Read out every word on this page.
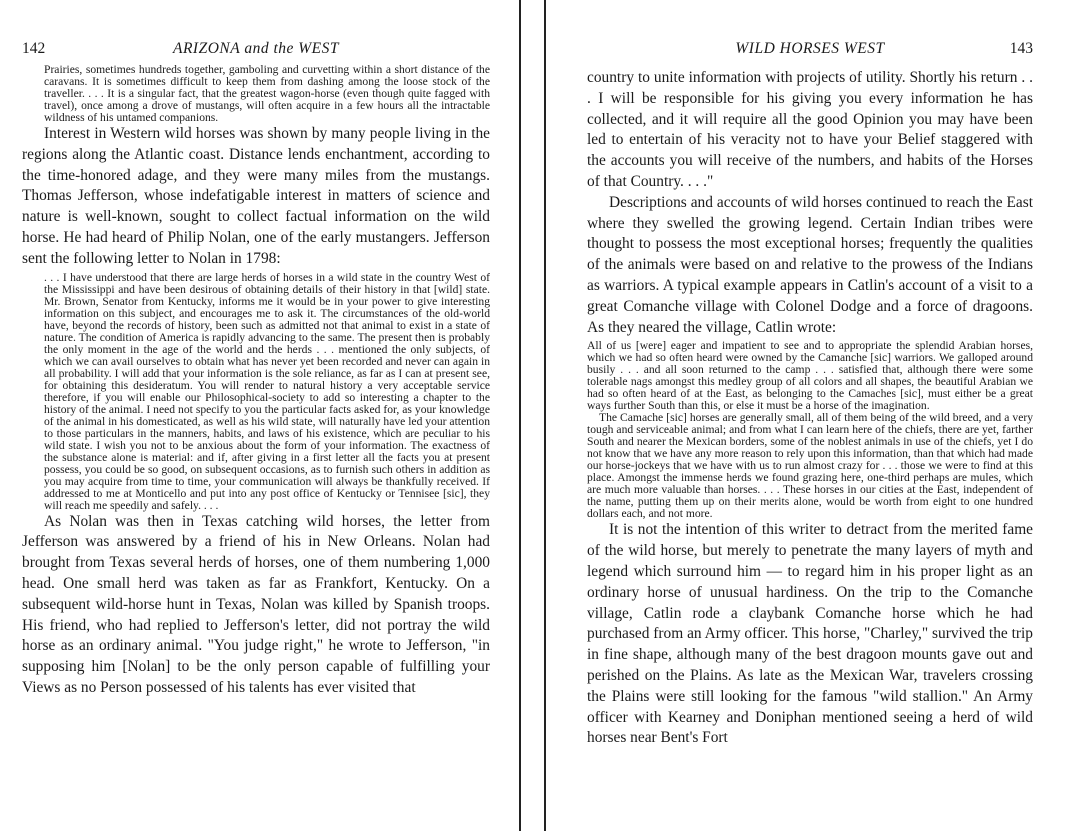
142	ARIZONA and the WEST

Prairies, sometimes hundreds together, gamboling and curvetting within a short distance of the caravans. It is sometimes difficult to keep them from dashing among the loose stock of the traveller. . . . It is a singular fact, that the greatest wagon-horse (even though quite fagged with travel), once among a drove of mustangs, will often acquire in a few hours all the intractable wildness of his untamed companions.

Interest in Western wild horses was shown by many people living in the regions along the Atlantic coast. Distance lends enchantment, according to the time-honored adage, and they were many miles from the mustangs. Thomas Jefferson, whose indefatigable interest in matters of science and nature is well-known, sought to collect factual information on the wild horse. He had heard of Philip Nolan, one of the early mustangers. Jefferson sent the following letter to Nolan in 1798:

. . . I have understood that there are large herds of horses in a wild state in the country West of the Mississippi and have been desirous of obtaining details of their history in that [wild] state. Mr. Brown, Senator from Kentucky, informs me it would be in your power to give interesting information on this subject, and encourages me to ask it. The circumstances of the old-world have, beyond the records of history, been such as admitted not that animal to exist in a state of nature. The condition of America is rapidly advancing to the same. The present then is probably the only moment in the age of the world and the herds . . . mentioned the only subjects, of which we can avail ourselves to obtain what has never yet been recorded and never can again in all probability. I will add that your information is the sole reliance, as far as I can at present see, for obtaining this desideratum. You will render to natural history a very acceptable service therefore, if you will enable our Philosophical-society to add so interesting a chapter to the history of the animal. I need not specify to you the particular facts asked for, as your knowledge of the animal in his domesticated, as well as his wild state, will naturally have led your attention to those particulars in the manners, habits, and laws of his existence, which are peculiar to his wild state. I wish you not to be anxious about the form of your information. The exactness of the substance alone is material: and if, after giving in a first letter all the facts you at present possess, you could be so good, on subsequent occasions, as to furnish such others in addition as you may acquire from time to time, your communication will always be thankfully received. If addressed to me at Monticello and put into any post office of Kentucky or Tennisee [sic], they will reach me speedily and safely. . . .

As Nolan was then in Texas catching wild horses, the letter from Jefferson was answered by a friend of his in New Orleans. Nolan had brought from Texas several herds of horses, one of them numbering 1,000 head. One small herd was taken as far as Frankfort, Kentucky. On a subsequent wild-horse hunt in Texas, Nolan was killed by Spanish troops. His friend, who had replied to Jefferson's letter, did not portray the wild horse as an ordinary animal. "You judge right," he wrote to Jefferson, "in supposing him [Nolan] to be the only person capable of fulfilling your Views as no Person possessed of his talents has ever visited that

WILD HORSES WEST	143

country to unite information with projects of utility. Shortly his return . . . I will be responsible for his giving you every information he has collected, and it will require all the good Opinion you may have been led to entertain of his veracity not to have your Belief staggered with the accounts you will receive of the numbers, and habits of the Horses of that Country. . . ."

Descriptions and accounts of wild horses continued to reach the East where they swelled the growing legend. Certain Indian tribes were thought to possess the most exceptional horses; frequently the qualities of the animals were based on and relative to the prowess of the Indians as warriors. A typical example appears in Catlin's account of a visit to a great Comanche village with Colonel Dodge and a force of dragoons. As they neared the village, Catlin wrote:

All of us [were] eager and impatient to see and to appropriate the splendid Arabian horses, which we had so often heard were owned by the Camanche [sic] warriors. We galloped around busily . . . and all soon returned to the camp . . . satisfied that, although there were some tolerable nags amongst this medley group of all colors and all shapes, the beautiful Arabian we had so often heard of at the East, as belonging to the Camaches [sic], must either be a great ways further South than this, or else it must be a horse of the imagination.

The Camache [sic] horses are generally small, all of them being of the wild breed, and a very tough and serviceable animal; and from what I can learn here of the chiefs, there are yet, farther South and nearer the Mexican borders, some of the noblest animals in use of the chiefs, yet I do not know that we have any more reason to rely upon this information, than that which had made our horse-jockeys that we have with us to run almost crazy for . . . those we were to find at this place. Amongst the immense herds we found grazing here, one-third perhaps are mules, which are much more valuable than horses. . . . These horses in our cities at the East, independent of the name, putting them up on their merits alone, would be worth from eight to one hundred dollars each, and not more.

It is not the intention of this writer to detract from the merited fame of the wild horse, but merely to penetrate the many layers of myth and legend which surround him — to regard him in his proper light as an ordinary horse of unusual hardiness. On the trip to the Comanche village, Catlin rode a claybank Comanche horse which he had purchased from an Army officer. This horse, "Charley," survived the trip in fine shape, although many of the best dragoon mounts gave out and perished on the Plains. As late as the Mexican War, travelers crossing the Plains were still looking for the famous "wild stallion." An Army officer with Kearney and Doniphan mentioned seeing a herd of wild horses near Bent's Fort
